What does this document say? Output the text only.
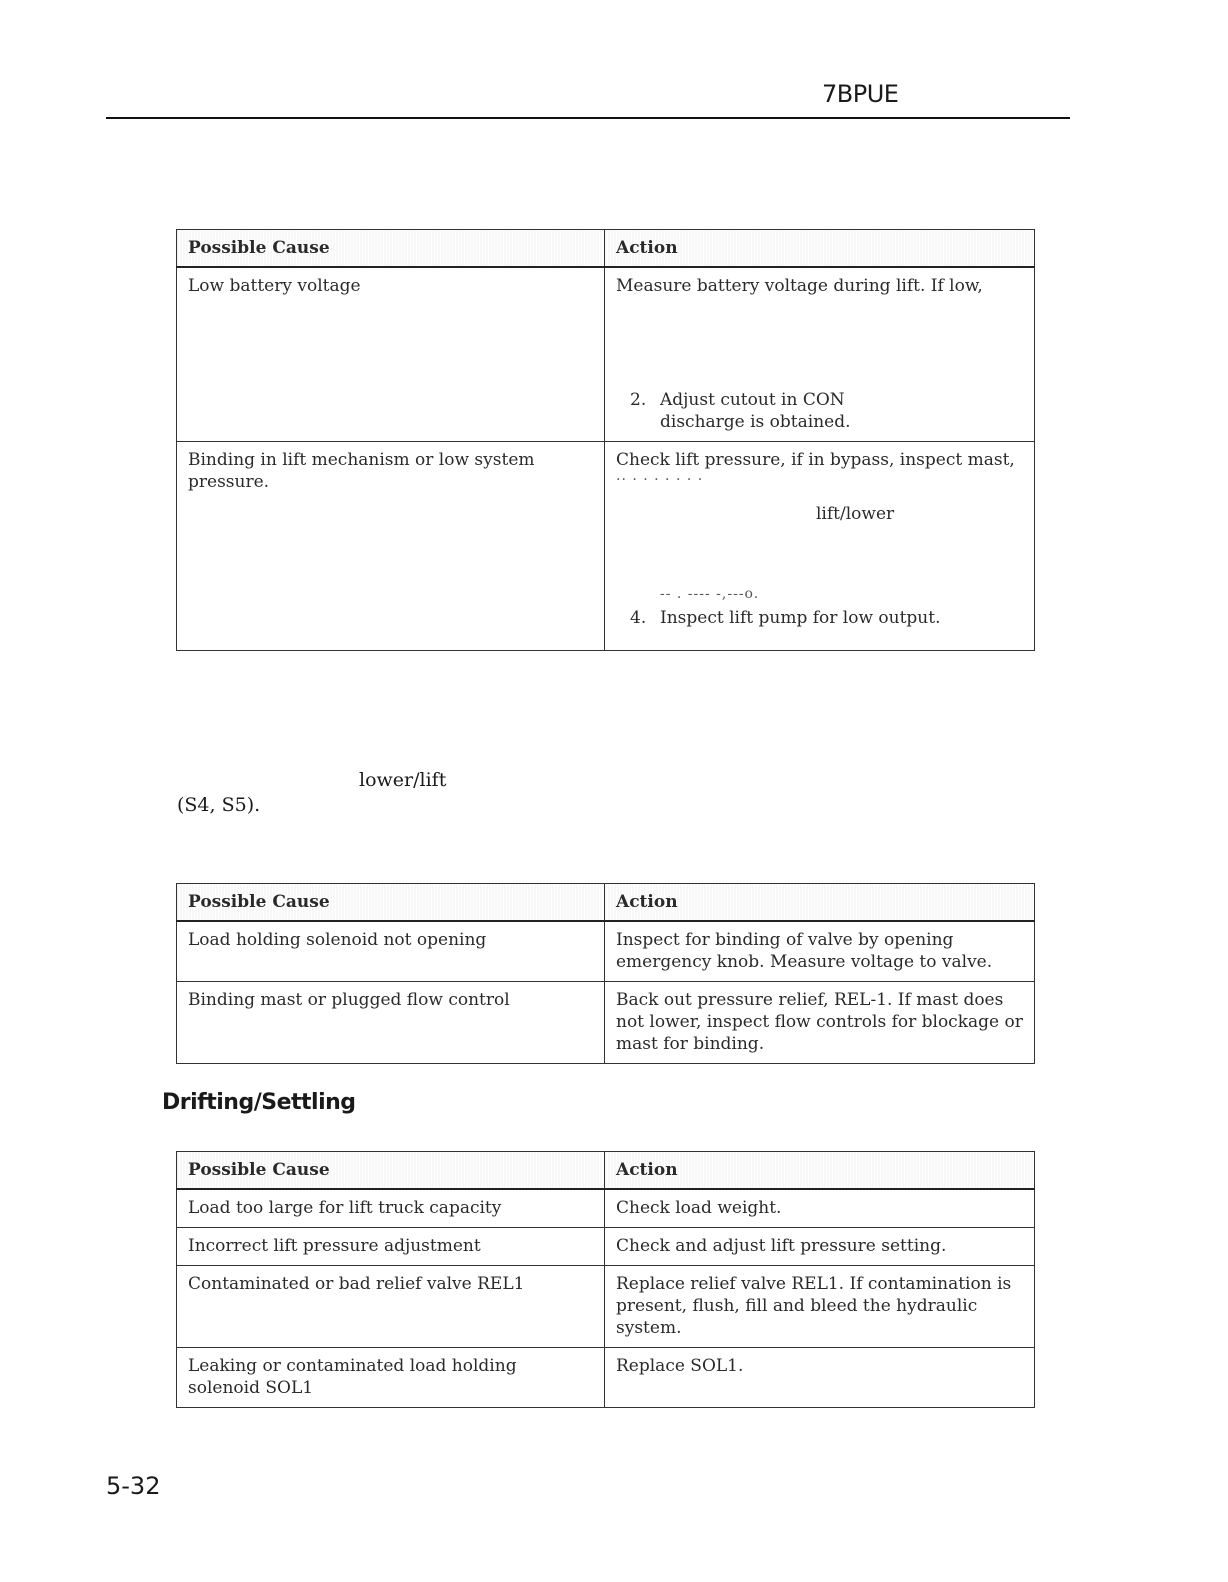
7BPUE
Possible Cause	Action
Low battery voltage	Measure battery voltage during lift. If low,
2. Adjust cutout in CON
discharge is obtained.

Binding in lift mechanism or low system pressure.	Check lift pressure, if in bypass, inspect mast,
.. . . . . . . .
lift/lower
-- . ---- -,---o.
4. Inspect lift pump for low output.
lower/lift
(S4, S5).
Possible Cause	Action
Load holding solenoid not opening	Inspect for binding of valve by opening emergency knob. Measure voltage to valve.
Binding mast or plugged flow control	Back out pressure relief, REL-1. If mast does not lower, inspect flow controls for blockage or mast for binding.
Drifting/Settling
Possible Cause	Action
Load too large for lift truck capacity	Check load weight.
Incorrect lift pressure adjustment	Check and adjust lift pressure setting.
Contaminated or bad relief valve REL1	Replace relief valve REL1. If contamination is present, flush, fill and bleed the hydraulic system.
Leaking or contaminated load holding solenoid SOL1	Replace SOL1.
5-32
